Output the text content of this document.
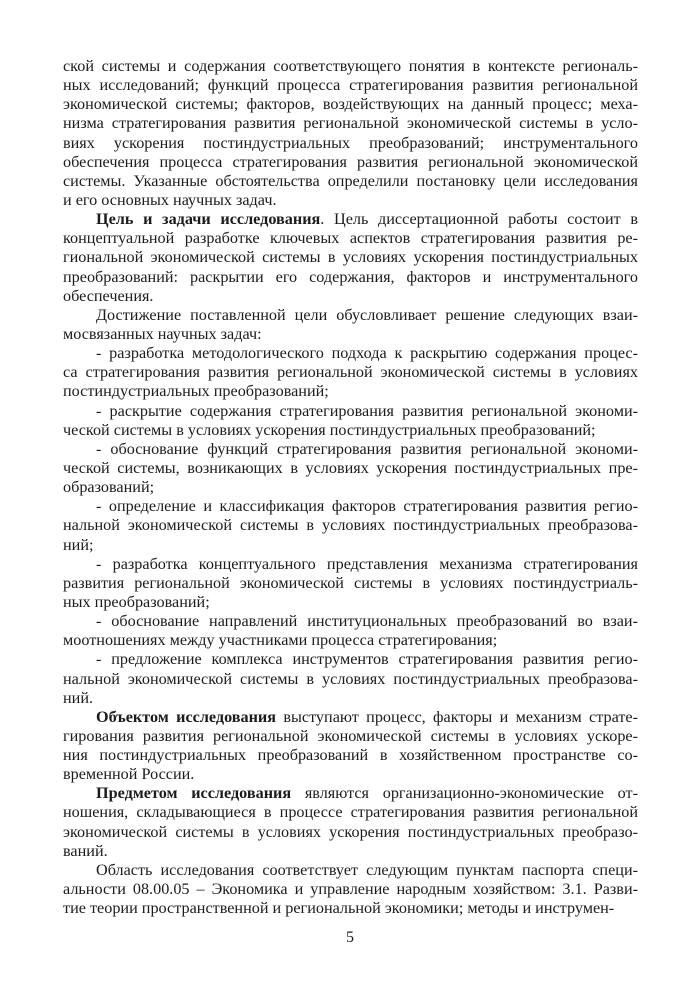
ской системы и содержания соответствующего понятия в контексте региональ-
ных исследований; функций процесса стратегирования развития региональной
экономической системы; факторов, воздействующих на данный процесс; меха-
низма стратегирования развития региональной экономической системы в усло-
виях ускорения постиндустриальных преобразований; инструментального
обеспечения процесса стратегирования развития региональной экономической
системы. Указанные обстоятельства определили постановку цели исследования
и его основных научных задач.
Цель и задачи исследования. Цель диссертационной работы состоит в
концептуальной разработке ключевых аспектов стратегирования развития ре-
гиональной экономической системы в условиях ускорения постиндустриальных
преобразований: раскрытии его содержания, факторов и инструментального
обеспечения.
Достижение поставленной цели обусловливает решение следующих взаи-
мосвязанных научных задач:
- разработка методологического подхода к раскрытию содержания процес-
са стратегирования развития региональной экономической системы в условиях
постиндустриальных преобразований;
- раскрытие содержания стратегирования развития региональной экономи-
ческой системы в условиях ускорения постиндустриальных преобразований;
- обоснование функций стратегирования развития региональной экономи-
ческой системы, возникающих в условиях ускорения постиндустриальных пре-
образований;
- определение и классификация факторов стратегирования развития регио-
нальной экономической системы в условиях постиндустриальных преобразова-
ний;
- разработка концептуального представления механизма стратегирования
развития региональной экономической системы в условиях постиндустриаль-
ных преобразований;
- обоснование направлений институциональных преобразований во взаи-
моотношениях между участниками процесса стратегирования;
- предложение комплекса инструментов стратегирования развития регио-
нальной экономической системы в условиях постиндустриальных преобразова-
ний.
Объектом исследования выступают процесс, факторы и механизм страте-
гирования развития региональной экономической системы в условиях ускоре-
ния постиндустриальных преобразований в хозяйственном пространстве со-
временной России.
Предметом исследования являются организационно-экономические от-
ношения, складывающиеся в процессе стратегирования развития региональной
экономической системы в условиях ускорения постиндустриальных преобразо-
ваний.
Область исследования соответствует следующим пунктам паспорта специ-
альности 08.00.05 – Экономика и управление народным хозяйством: 3.1. Разви-
тие теории пространственной и региональной экономики; методы и инструмен-
5
